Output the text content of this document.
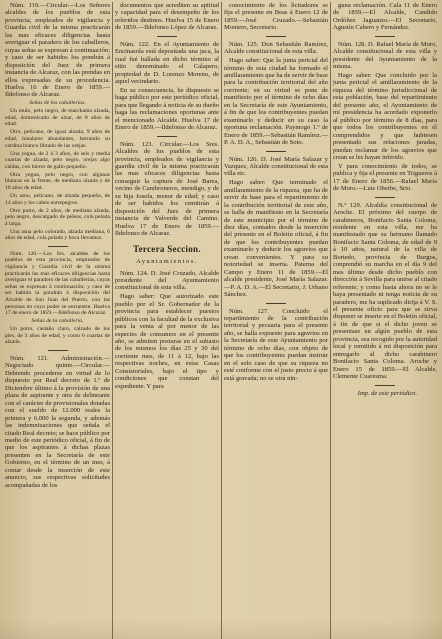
Núm. 119.—Circular.—Los Señores alcaldes de los pueblos de esta provincia, empleados de vigilancia y Guardia civil de la misma practicarán las mas eficaces diligencias hasta averiguar el paradero de los caballeros, cuyas señas se expresan á continuación; y caso de ser habidos los pondrán á disposición del Juez de primera instancia de Alcaraz, con las prendas en ellos expresadas de su procedencia. Huelva 16 de Enero de 1859.—Ildefonso de Alcaraz.

Señas de los caballerías.

Un mulo, pelo negro, de marchamo alzada, edad, domesticado de alzar, de 8 años de edad.

Otro, pelicano, de igual alzada, 9 años de edad, lunalares abundantes, herrando su cardina blanco librado de las orejas.

Una yegua, de 2 á 3 años, de seis y media cuartas de alzada, pelo negro, orejas algo caidas, con hierro de gallo pequeño.

Otra yegua, pelo negro, con algunas blancas en la frente, de mediano alzada y de 18 años de edad.

Un asno, pelicano, de alzada pequeña, de 14 años y los cabos entrepegros.

Otro potro, de 2 años, de mediana alzada, pelo negro, descargado de peleas, cola pelada á larga.

Una asna pelo colorado, alzada mediana, 6 años de edad, cola pelada y boca llevamos.

Núm. 120.—Los Srs. alcaldes de los pueblos de esta provincia, empleados de vigilancia y Guardia civil de la misma practicarán las mas eficaces diligencias hasta averiguar el paradero de las caballerías, cuyas señas se expresan á continuación; y caso de ser habida la pondrán á disposición del Alcalde de San Juan del Puerto, con las personas en cuyo poder se encuentre. Huelva 17 de enero de 1859.—Ildefonso de Alcaraz.

Señas de la caballería.

Un potro, castaño claro, calzado de los pies, de 3 años de edad, y como 6 cuartas de alzada.

Núm. 121. Administración.—Negociado quinto.—Circular.—Debiendo procederse en virtud de lo dispuesto por Real decreto de 1.º de Diciembre último á la provisión de una plaza de aspirante y otra de delineante con el carácter de provisionales dotadas con el sueldo de 12.000 reales la primera y 6.000 la segunda, y además las indemnizaciones que señala el citado Real decreto; se hace público por medio de este periódico oficial, á fin de que los aspirantes á dichas plazas presenten en la Secretaría de este Gobierno, en el término de un mes, á contar desde la inserción de este anuncio, sus respectivas solicitudes acompañadas de los

documentos que acrediten su aptitud y capacidad para el desempeño de los referidos destinos. Huelva 15 de Enero de 1859.—Ildefonso López de Alcaraz.

Núm. 122. En el Ayuntamiento de Encinasola está depositada una jaca, la cual fué hallada en dicho término al sitio denominado el Calapero, propiedad de D. Lorenzo Moreno, de aquel vecindario.

En su consecuencia, he dispuesto se haga público por este periódico oficial, para que llegando á noticia de su dueño haga las reclamaciones oportunas ante el mencionado Alcalde. Huelva 17 de Enero de 1859.—Ildefonso de Alcaraz.

Núm. 123. Circular.—Los Sres. Alcaldes de los pueblos de esta provincia, empleados de vigilancia y guardia civil de la misma practicarán las mas eficaces diligencias hasta conseguir la captura de José Barea, vecino de Cambroneros, mendigo, y de su hija Josefa, menor de edad; y caso de ser habidos los remitirán á disposición del Juez de primera instancia de Valverde del Camino. Huelva 17 de Enero de 1859.—Ildefonso de Alcaraz.

Tercera Seccion.
Ayuntamientos.

Núm. 124. D. José Cruzado, Alcalde presidente del Ayuntamiento constitucional de esta villa.

Hago saber: Que autorizado este pueblo por el Sr. Gobernador de la provincia para establecer puestos públicos con la facultad de la exclusiva para la venta al por menor de las especies de consumos en el presente año, se admiten posturas en el subasto de los mismos los días 25 y 30 del corriente mes, de 11 á 12, bajo las respectivas noches, en estas Casas Consistoriales, bajo el tipo y condiciones que constan del expediente. Y para

conocimiento de los licitadores se fija el presente en Beas á Enero 12 de 1859.—José Cruzado.—Sebastián Montero, Secretario.

Núm. 125. Don Sebastián Ramírez, Alcalde constitucional de esta villa.

Hago saber: Que la junta pericial del término de esta ciudad ha formado el amillaramiento que ha de servir de base para la contribución territorial del año corriente; en su virtud se pone de manifiesto por el término de ocho días en la Secretaría de este Ayuntamiento, á fin de que los contribuyentes puedan examinarlo y deducir en su caso la oportuna reclamación. Paymogo 1.º de Enero de 1859.—Sebastián Ramírez.—P. A. D. A., Sebastián de Soto.

Núm. 126. D. José María Salazar y Vazquez, Alcalde constitucional de esta villa etc.

Hago saber: Que terminado el amillaramiento de la riqueza, que ha de servir de base para el repartimiento de la contribución territorial de este año, se halla de manifiesto en la Secretaría de este municipio por el término de diez días, contados desde la inserción del presente en el Boletín oficial, á fin de que los contribuyentes puedan examinarlo y deducir los agravios que crean convenientes. Y para su notoriedad se inserta. Paterna del Campo y Enero 11 de 1859.—El alcalde presidente, José María Salazar.—P. A. D. A.—El Secretario, J. Urbano Sánchez.

Núm. 127. Concluido el repartimiento de la contribución territorial y pecuaria para el presente año, se halla expuesto para agravios en la Secretaría de este Ayuntamiento por término de ocho días, con objeto de que los contribuyentes puedan instruir en el solo caso de que su riqueza no esté conforme con el justo precio á que está gravada; no se oirá nin-

guna reclamación. Cala 11 de Enero de 1859.—El Alcalde, Candido Ordóñez Jaguanzo.—El Secretario, Agustín Cabero y Fernández.

Núm. 128. D. Rafael María de Moro, Alcalde constitucional de esta villa y presidente del Ayuntamiento de la misma.

Hago saber: Que concluido por la junta pericial el amillaramiento de la riqueza del término jurisdiccional de esta población, base del repartimiento del presente año, el Ayuntamiento de mi presidencia ha acordado exponerlo al público por término de 8 días, para que todos los contribuyentes en él comprendidos y que hubiesen presentado sus relaciones juradas, puedan reclamar de los agravios que crean se les hayan inferido.

Y para conocimiento de todos, se publica y fija el presente en Trigueros á 17 de Enero de 1856.—Rafael María de Moro.—Luis Oberbe, Srio.

N.º 129. Alcaldía constitucional de Aroche. El próximo del cuerpo de carabineros, Bonifacio Santa Coloma, residente en esta villa, me ha manifestado que su hermano llamado Bonifacio Santa Coloma, de edad de 9 á 10 años, natural de la villa de Bortedo, provincia de Burgos, conprendió su marcha en el día 9 del mes último desde dicho pueblo con dirección á Sevilla para unirse al citado referente; y como hasta ahora no se le haya presentado ni tenga noticia de su paradero, me ha suplicado dirija á V. S. el presente oficio para que se sirva disponer se inserte en el Boletín oficial, á fin de que si el dicho joven se presentase en algún pueblo de esta provincia, sea recogido por la autoridad local y remitido á mi disposición para entregarlo al dicho carabinero Bonifacio Santa Coloma. Aroche y Enero 15 de 1859.—El Alcalde, Clemente Cuaresma.

Imp. de este periódico.
